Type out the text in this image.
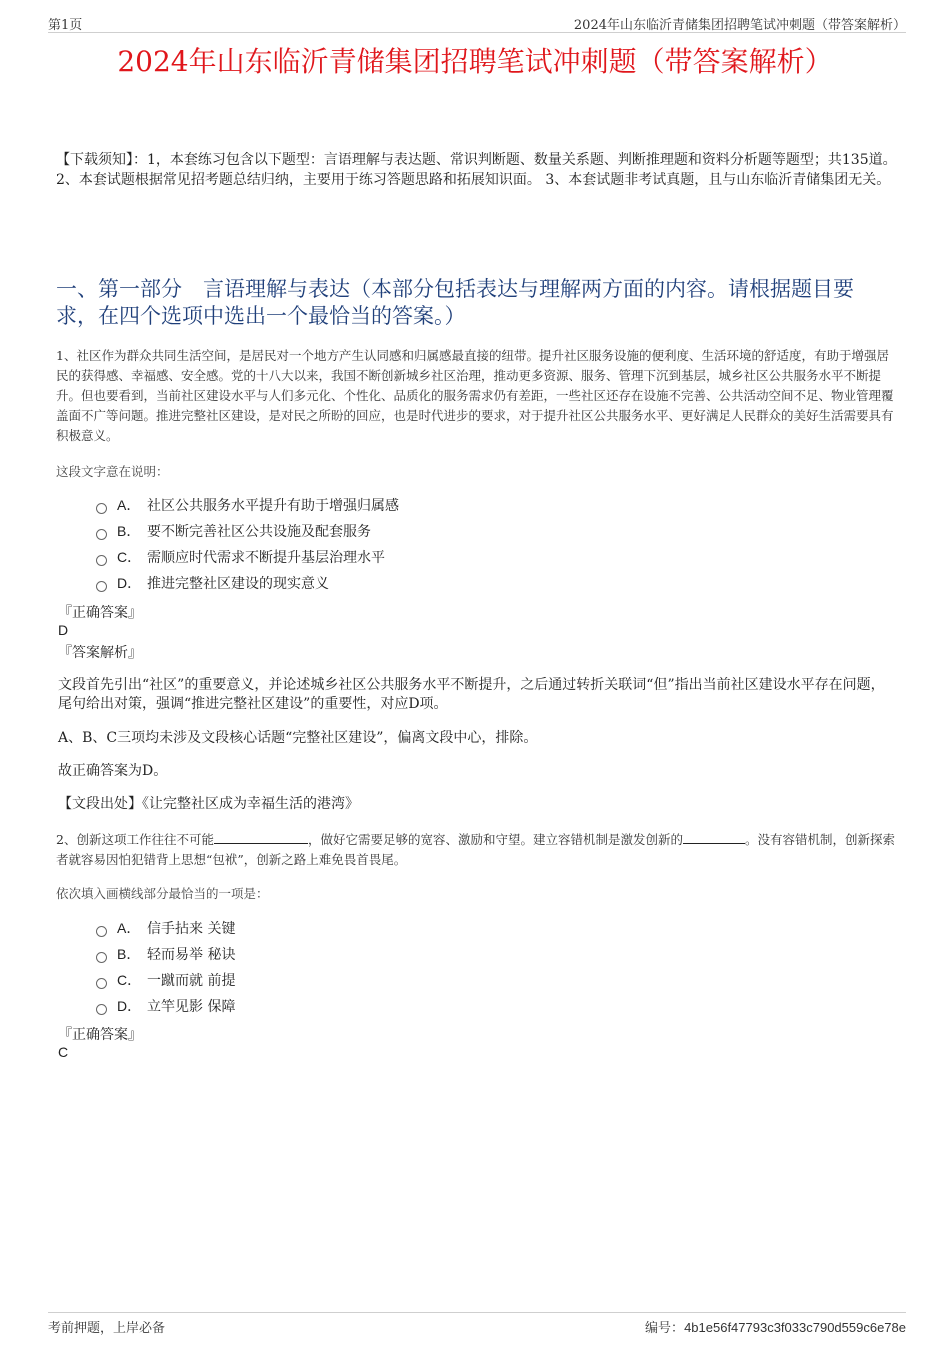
第1页	2024年山东临沂青储集团招聘笔试冲刺题（带答案解析）
2024年山东临沂青储集团招聘笔试冲刺题（带答案解析）
【下载须知】：1，本套练习包含以下题型：言语理解与表达题、常识判断题、数量关系题、判断推理题和资料分析题等题型；共135道。 2、本套试题根据常见招考题总结归纳，主要用于练习答题思路和拓展知识面。 3、本套试题非考试真题，且与山东临沂青储集团无关。
一、第一部分　言语理解与表达（本部分包括表达与理解两方面的内容。请根据题目要求，在四个选项中选出一个最恰当的答案。）
1、社区作为群众共同生活空间，是居民对一个地方产生认同感和归属感最直接的纽带。提升社区服务设施的便利度、生活环境的舒适度，有助于增强居民的获得感、幸福感、安全感。党的十八大以来，我国不断创新城乡社区治理，推动更多资源、服务、管理下沉到基层，城乡社区公共服务水平不断提升。但也要看到，当前社区建设水平与人们多元化、个性化、品质化的服务需求仍有差距，一些社区还存在设施不完善、公共活动空间不足、物业管理覆盖面不广等问题。推进完整社区建设，是对民之所盼的回应，也是时代进步的要求，对于提升社区公共服务水平、更好满足人民群众的美好生活需要具有积极意义。
这段文字意在说明：
A． 社区公共服务水平提升有助于增强归属感
B． 要不断完善社区公共设施及配套服务
C． 需顺应时代需求不断提升基层治理水平
D． 推进完整社区建设的现实意义
『正确答案』
D
『答案解析』
文段首先引出“社区”的重要意义，并论述城乡社区公共服务水平不断提升，之后通过转折关联词“但”指出当前社区建设水平存在问题，尾句给出对策，强调“推进完整社区建设”的重要性，对应D项。
A、B、C三项均未涉及文段核心话题“完整社区建设”，偏离文段中心，排除。
故正确答案为D。
【文段出处】《让完整社区成为幸福生活的港湾》
2、创新这项工作往往不可能	，做好它需要足够的宽容、激励和守望。建立容错机制是激发创新的	。没有容错机制，创新探索者就容易因怕犯错背上思想“包袱”，创新之路上难免畏首畏尾。
依次填入画横线部分最恰当的一项是：
A． 信手拈来 关键
B． 轻而易举 秘诀
C． 一蹴而就 前提
D． 立竿见影 保障
『正确答案』
C
考前押题，上岸必备	编号：4b1e56f47793c3f033c790d559c6e78e
